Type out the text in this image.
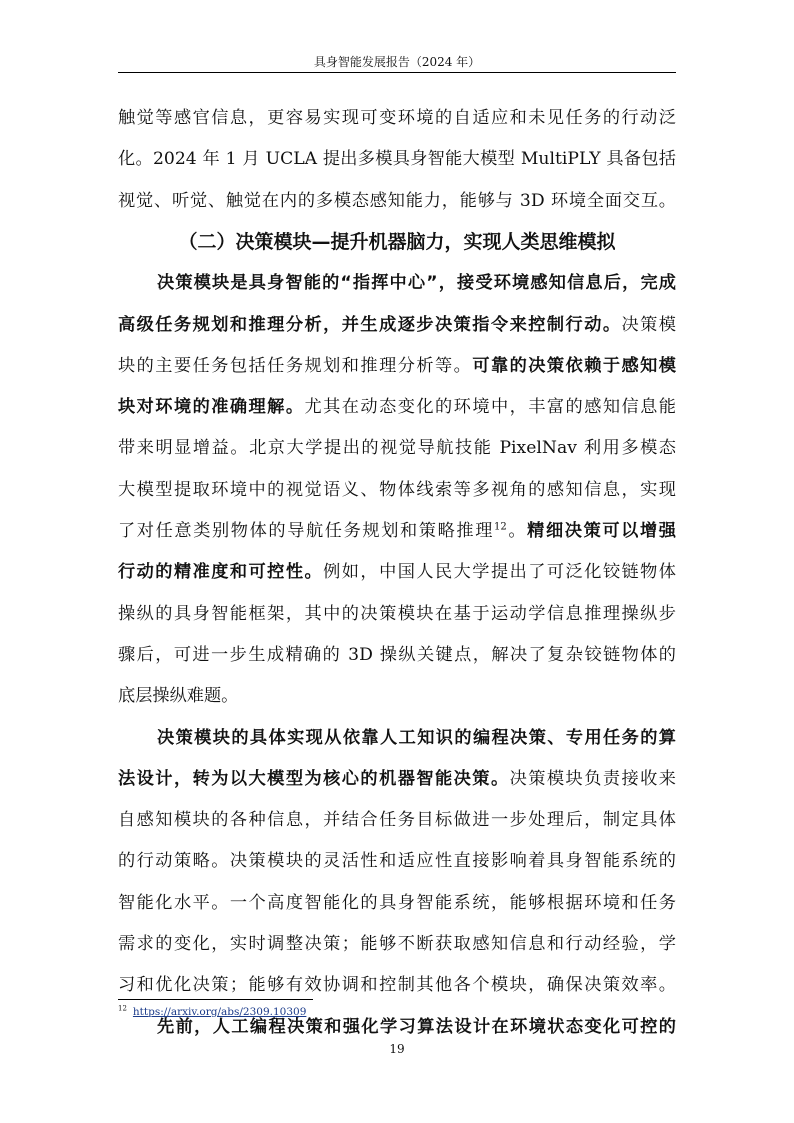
具身智能发展报告（2024 年）
触觉等感官信息，更容易实现可变环境的自适应和未见任务的行动泛
化。2024 年 1 月 UCLA 提出多模具身智能大模型 MultiPLY 具备包括
视觉、听觉、触觉在内的多模态感知能力，能够与 3D 环境全面交互。
（二）决策模块—提升机器脑力，实现人类思维模拟
决策模块是具身智能的“指挥中心”，接受环境感知信息后，完成
高级任务规划和推理分析，并生成逐步决策指令来控制行动。决策模
块的主要任务包括任务规划和推理分析等。可靠的决策依赖于感知模
块对环境的准确理解。尤其在动态变化的环境中，丰富的感知信息能
带来明显增益。北京大学提出的视觉导航技能 PixelNav 利用多模态
大模型提取环境中的视觉语义、物体线索等多视角的感知信息，实现
了对任意类别物体的导航任务规划和策略推理$^{12}$。精细决策可以增强
行动的精准度和可控性。例如，中国人民大学提出了可泛化铰链物体
操纵的具身智能框架，其中的决策模块在基于运动学信息推理操纵步
骤后，可进一步生成精确的 3D 操纵关键点，解决了复杂铰链物体的
底层操纵难题。
决策模块的具体实现从依靠人工知识的编程决策、专用任务的算
法设计，转为以大模型为核心的机器智能决策。决策模块负责接收来
自感知模块的各种信息，并结合任务目标做进一步处理后，制定具体
的行动策略。决策模块的灵活性和适应性直接影响着具身智能系统的
智能化水平。一个高度智能化的具身智能系统，能够根据环境和任务
需求的变化，实时调整决策；能够不断获取感知信息和行动经验，学
$^{12}$ https://arxiv.org/abs/2309.10309
19
习和优化决策；能够有效协调和控制其他各个模块，确保决策效率。
先前，人工编程决策和强化学习算法设计在环境状态变化可控的
